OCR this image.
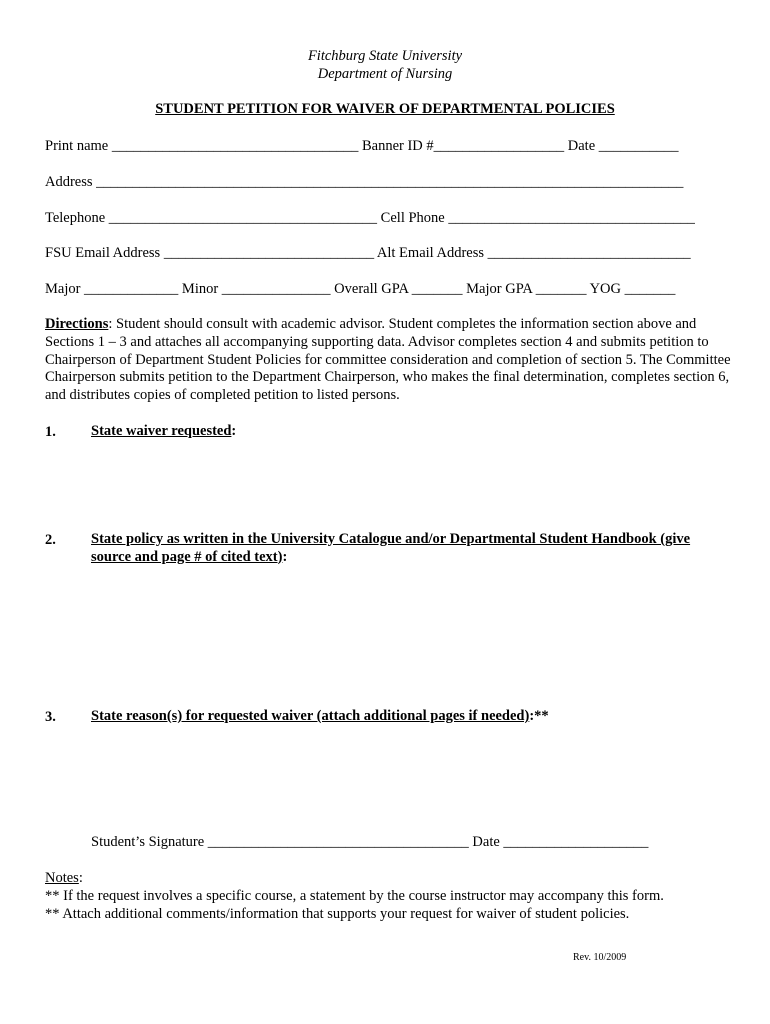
Fitchburg State University
Department of Nursing
STUDENT PETITION FOR WAIVER OF DEPARTMENTAL POLICIES
Print name __________________________________ Banner ID #__________________ Date ___________
Address _________________________________________________________________________________
Telephone _____________________________________ Cell Phone __________________________________
FSU Email Address _____________________________ Alt Email Address ____________________________
Major _____________ Minor _______________ Overall GPA _______ Major GPA _______ YOG _______
Directions: Student should consult with academic advisor. Student completes the information section above and Sections 1 – 3 and attaches all accompanying supporting data. Advisor completes section 4 and submits petition to Chairperson of Department Student Policies for committee consideration and completion of section 5. The Committee Chairperson submits petition to the Department Chairperson, who makes the final determination, completes section 6, and distributes copies of completed petition to listed persons.
1. State waiver requested:
2. State policy as written in the University Catalogue and/or Departmental Student Handbook (give source and page # of cited text):
3. State reason(s) for requested waiver (attach additional pages if needed):**
Student’s Signature ____________________________________ Date ____________________
Notes:
** If the request involves a specific course, a statement by the course instructor may accompany this form.
** Attach additional comments/information that supports your request for waiver of student policies.
Rev. 10/2009
